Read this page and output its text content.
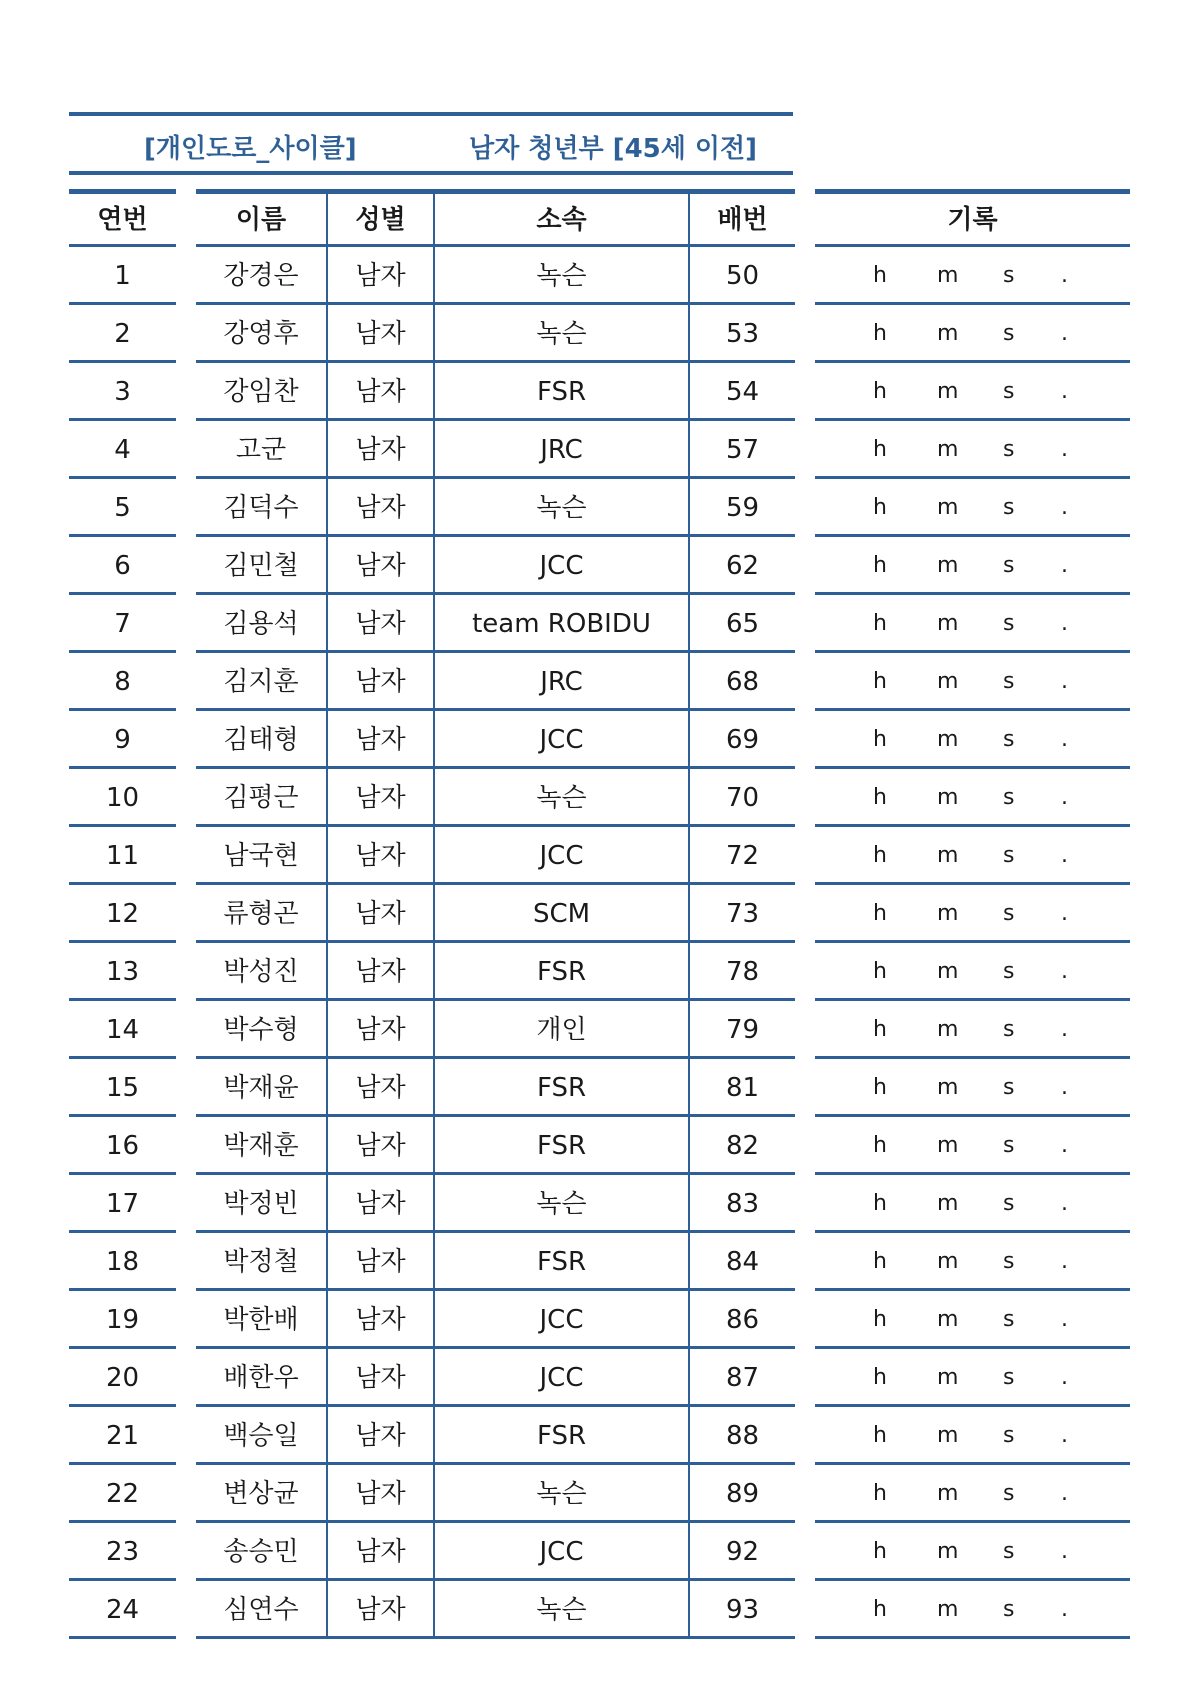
[개인도로_사이클]	남자 청년부 [45세 이전]
연번	이름	성별	소속	배번	기록
1	강경은	남자	녹슨	50	h m s .
2	강영후	남자	녹슨	53	h m s .
3	강임찬	남자	FSR	54	h m s .
4	고군	남자	JRC	57	h m s .
5	김덕수	남자	녹슨	59	h m s .
6	김민철	남자	JCC	62	h m s .
7	김용석	남자	team ROBIDU	65	h m s .
8	김지훈	남자	JRC	68	h m s .
9	김태형	남자	JCC	69	h m s .
10	김평근	남자	녹슨	70	h m s .
11	남국현	남자	JCC	72	h m s .
12	류형곤	남자	SCM	73	h m s .
13	박성진	남자	FSR	78	h m s .
14	박수형	남자	개인	79	h m s .
15	박재윤	남자	FSR	81	h m s .
16	박재훈	남자	FSR	82	h m s .
17	박정빈	남자	녹슨	83	h m s .
18	박정철	남자	FSR	84	h m s .
19	박한배	남자	JCC	86	h m s .
20	배한우	남자	JCC	87	h m s .
21	백승일	남자	FSR	88	h m s .
22	변상균	남자	녹슨	89	h m s .
23	송승민	남자	JCC	92	h m s .
24	심연수	남자	녹슨	93	h m s .
